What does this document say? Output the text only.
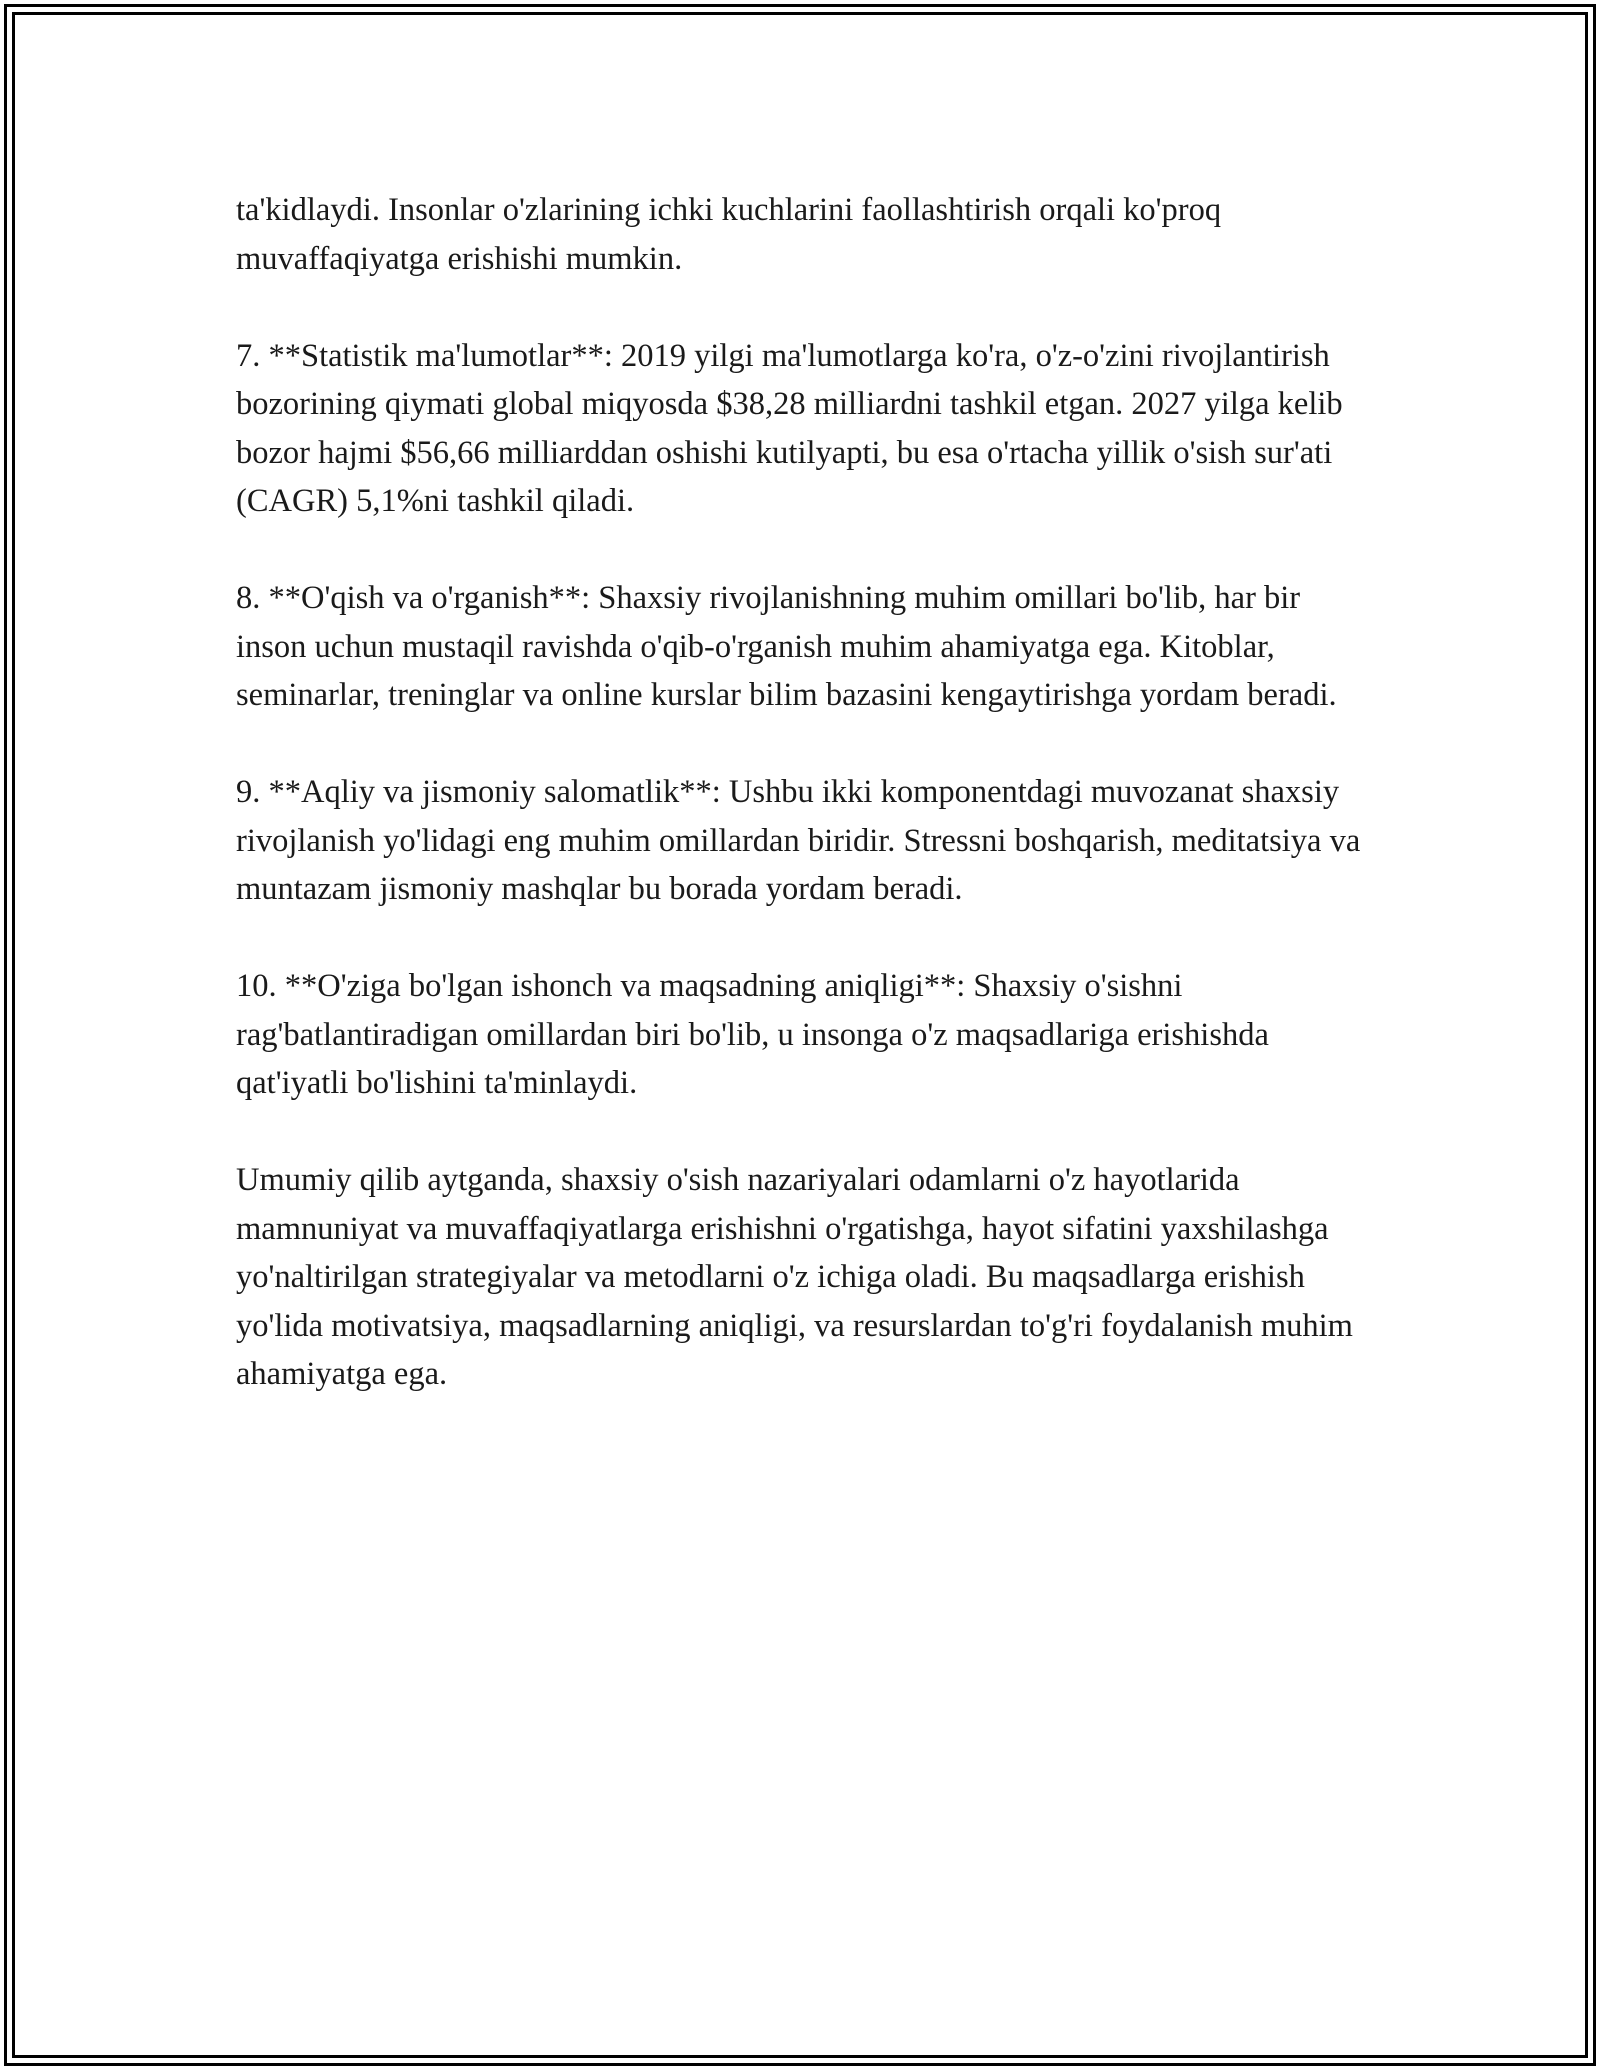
ta'kidlaydi. Insonlar o'zlarining ichki kuchlarini faollashtirish orqali ko'proq muvaffaqiyatga erishishi mumkin.

7. **Statistik ma'lumotlar**: 2019 yilgi ma'lumotlarga ko'ra, o'z-o'zini rivojlantirish bozorining qiymati global miqyosda $38,28 milliardni tashkil etgan. 2027 yilga kelib bozor hajmi $56,66 milliarddan oshishi kutilyapti, bu esa o'rtacha yillik o'sish sur'ati (CAGR) 5,1%ni tashkil qiladi.

8. **O'qish va o'rganish**: Shaxsiy rivojlanishning muhim omillari bo'lib, har bir inson uchun mustaqil ravishda o'qib-o'rganish muhim ahamiyatga ega. Kitoblar, seminarlar, treninglar va online kurslar bilim bazasini kengaytirishga yordam beradi.

9. **Aqliy va jismoniy salomatlik**: Ushbu ikki komponentdagi muvozanat shaxsiy rivojlanish yo'lidagi eng muhim omillardan biridir. Stressni boshqarish, meditatsiya va muntazam jismoniy mashqlar bu borada yordam beradi.

10. **O'ziga bo'lgan ishonch va maqsadning aniqligi**: Shaxsiy o'sishni rag'batlantiradigan omillardan biri bo'lib, u insonga o'z maqsadlariga erishishda qat'iyatli bo'lishini ta'minlaydi.

Umumiy qilib aytganda, shaxsiy o'sish nazariyalari odamlarni o'z hayotlarida mamnuniyat va muvaffaqiyatlarga erishishni o'rgatishga, hayot sifatini yaxshilashga yo'naltirilgan strategiyalar va metodlarni o'z ichiga oladi. Bu maqsadlarga erishish yo'lida motivatsiya, maqsadlarning aniqligi, va resurslardan to'g'ri foydalanish muhim ahamiyatga ega.
